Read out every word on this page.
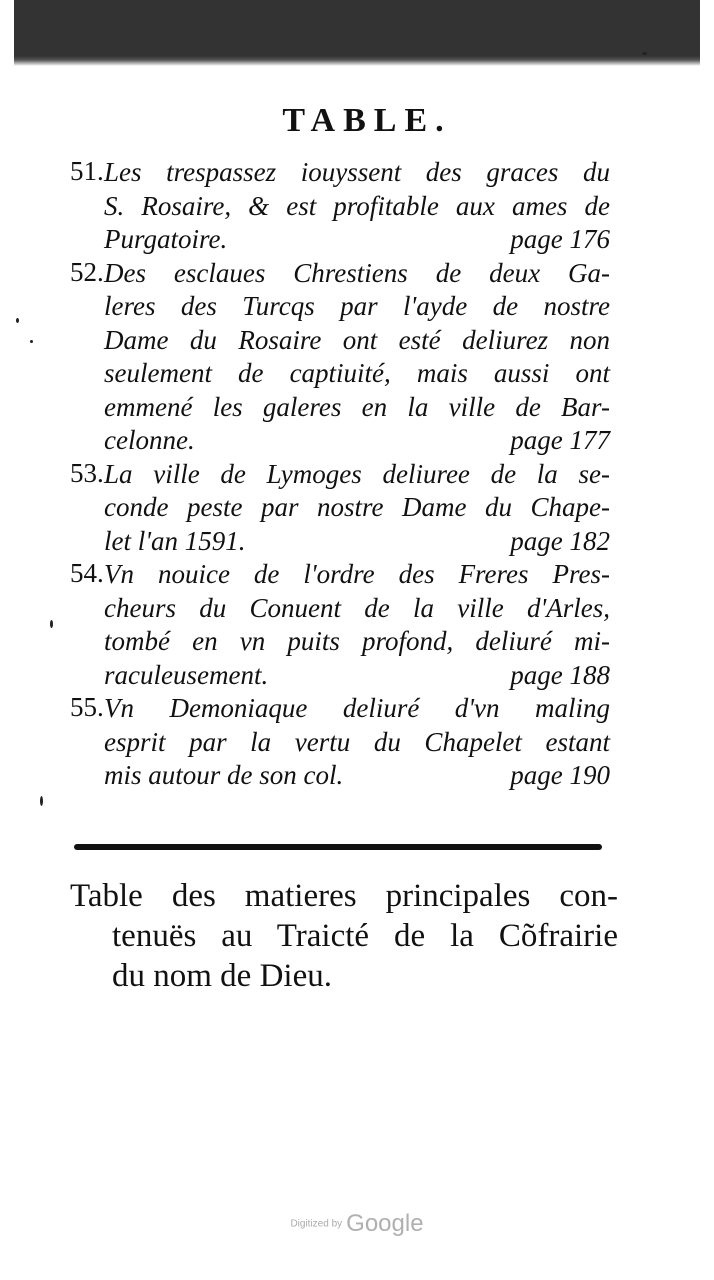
TABLE.
51. Les trespassez iouyssent des graces du
S. Rosaire, & est profitable aux ames de
Purgatoire.	page 176
52. Des esclaues Chrestiens de deux Ga-
leres des Turcqs par l'ayde de nostre
Dame du Rosaire ont esté deliurez non
seulement de captiuité, mais aussi ont
emmené les galeres en la ville de Bar-
celonne.	page 177
53. La ville de Lymoges deliuree de la se-
conde peste par nostre Dame du Chape-
let l'an 1591.	page 182
54. Vn nouice de l'ordre des Freres Pres-
cheurs du Conuent de la ville d'Arles,
tombé en vn puits profond, deliuré mi-
raculeusement.	page 188
55. Vn Demoniaque deliuré d'vn maling
esprit par la vertu du Chapelet estant
mis autour de son col.	page 190
Table des matieres principales con-
tenuës au Traicté de la Cõfrairie
du nom de Dieu.
Digitized by Google
